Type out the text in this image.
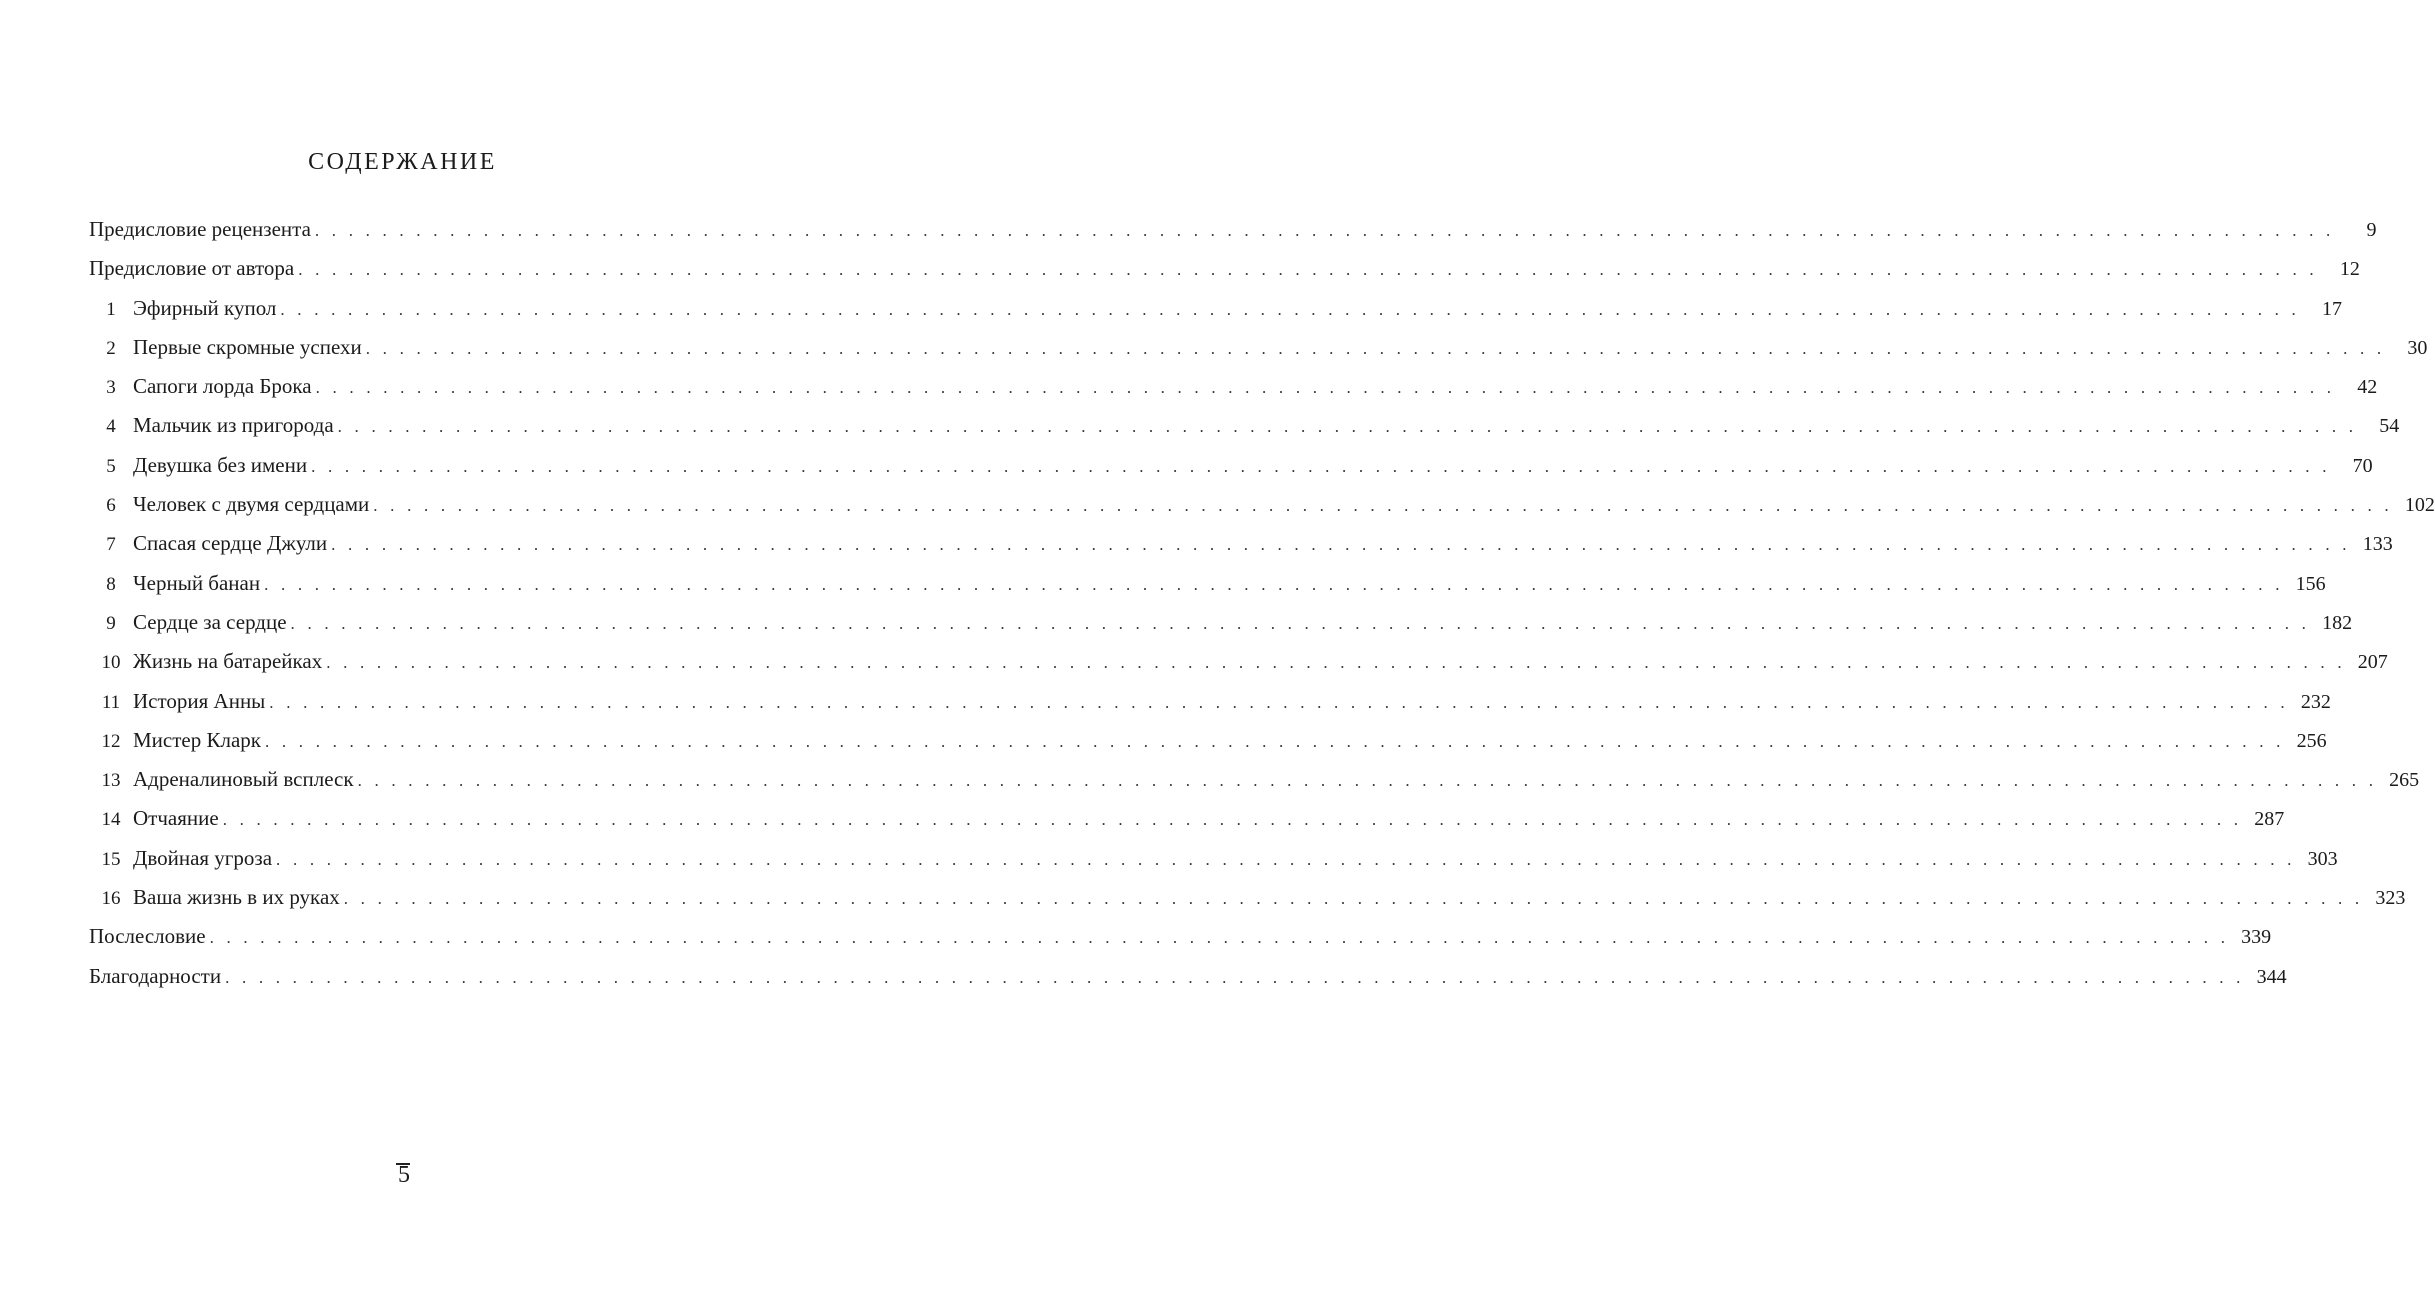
СОДЕРЖАНИЕ
Предисловие рецензента . . . . . . . . . . . . . . . . . . . . . . . . . . . . . . . . . . . . . . . . . . . . . . . . . . . . . . . . . . . . . . . . . . . . . . . . . . . . . . . . . . . . . . . . . . . . . . . . . . . . . . . . . . . . . . . . . . . . . . . .	9
Предисловие от автора . . . . . . . . . . . . . . . . . . . . . . . . . . . . . . . . . . . . . . . . . . . . . . . . . . . . . . . . . . . . . . . . . . . . . . . . . . . . . . . . . . . . . . . . . . . . . . . . . . . . . . . . . . . . . . . . . . . . . . . .	12
1 Эфирный купол . . . . . . . . . . . . . . . . . . . . . . . . . . . . . . . . . . . . . . . . . . . . . . . . . . . . . . . . . . . . . . . . . . . . . . . . . . . . . . . . . . . . . . . . . . . . . . . . . . . . . . . . . . . . . . . . . . . . . . . .	17
2 Первые скромные успехи . . . . . . . . . . . . . . . . . . . . . . . . . . . . . . . . . . . . . . . . . . . . . . . . . . . . . . . . . . . . . . . . . . . . . . . . . . . . . . . . . . . . . . . . . . . . . . . . . . . . . . . . . . . . . . . . . . . . . . . .	30
3 Сапоги лорда Брока . . . . . . . . . . . . . . . . . . . . . . . . . . . . . . . . . . . . . . . . . . . . . . . . . . . . . . . . . . . . . . . . . . . . . . . . . . . . . . . . . . . . . . . . . . . . . . . . . . . . . . . . . . . . . . . . . . . . . . . .	42
4 Мальчик из пригорода . . . . . . . . . . . . . . . . . . . . . . . . . . . . . . . . . . . . . . . . . . . . . . . . . . . . . . . . . . . . . . . . . . . . . . . . . . . . . . . . . . . . . . . . . . . . . . . . . . . . . . . . . . . . . . . . . . . . . . . .	54
5 Девушка без имени . . . . . . . . . . . . . . . . . . . . . . . . . . . . . . . . . . . . . . . . . . . . . . . . . . . . . . . . . . . . . . . . . . . . . . . . . . . . . . . . . . . . . . . . . . . . . . . . . . . . . . . . . . . . . . . . . . . . . . . .	70
6 Человек с двумя сердцами . . . . . . . . . . . . . . . . . . . . . . . . . . . . . . . . . . . . . . . . . . . . . . . . . . . . . . . . . . . . . . . . . . . . . . . . . . . . . . . . . . . . . . . . . . . . . . . . . . . . . . . . . . . . . . . . . . . . . . . . 102
7 Спасая сердце Джули . . . . . . . . . . . . . . . . . . . . . . . . . . . . . . . . . . . . . . . . . . . . . . . . . . . . . . . . . . . . . . . . . . . . . . . . . . . . . . . . . . . . . . . . . . . . . . . . . . . . . . . . . . . . . . . . . . . . . . . . 133
8 Черный банан . . . . . . . . . . . . . . . . . . . . . . . . . . . . . . . . . . . . . . . . . . . . . . . . . . . . . . . . . . . . . . . . . . . . . . . . . . . . . . . . . . . . . . . . . . . . . . . . . . . . . . . . . . . . . . . . . . . . . . . . 156
9 Сердце за сердце . . . . . . . . . . . . . . . . . . . . . . . . . . . . . . . . . . . . . . . . . . . . . . . . . . . . . . . . . . . . . . . . . . . . . . . . . . . . . . . . . . . . . . . . . . . . . . . . . . . . . . . . . . . . . . . . . . . . . . . . 182
10 Жизнь на батарейках . . . . . . . . . . . . . . . . . . . . . . . . . . . . . . . . . . . . . . . . . . . . . . . . . . . . . . . . . . . . . . . . . . . . . . . . . . . . . . . . . . . . . . . . . . . . . . . . . . . . . . . . . . . . . . . . . . . . . . . . 207
11 История Анны . . . . . . . . . . . . . . . . . . . . . . . . . . . . . . . . . . . . . . . . . . . . . . . . . . . . . . . . . . . . . . . . . . . . . . . . . . . . . . . . . . . . . . . . . . . . . . . . . . . . . . . . . . . . . . . . . . . . . . . . 232
12 Мистер Кларк . . . . . . . . . . . . . . . . . . . . . . . . . . . . . . . . . . . . . . . . . . . . . . . . . . . . . . . . . . . . . . . . . . . . . . . . . . . . . . . . . . . . . . . . . . . . . . . . . . . . . . . . . . . . . . . . . . . . . . . . 256
13 Адреналиновый всплеск . . . . . . . . . . . . . . . . . . . . . . . . . . . . . . . . . . . . . . . . . . . . . . . . . . . . . . . . . . . . . . . . . . . . . . . . . . . . . . . . . . . . . . . . . . . . . . . . . . . . . . . . . . . . . . . . . . . . . . . . 265
14 Отчаяние . . . . . . . . . . . . . . . . . . . . . . . . . . . . . . . . . . . . . . . . . . . . . . . . . . . . . . . . . . . . . . . . . . . . . . . . . . . . . . . . . . . . . . . . . . . . . . . . . . . . . . . . . . . . . . . . . . . . . . . . 287
15 Двойная угроза . . . . . . . . . . . . . . . . . . . . . . . . . . . . . . . . . . . . . . . . . . . . . . . . . . . . . . . . . . . . . . . . . . . . . . . . . . . . . . . . . . . . . . . . . . . . . . . . . . . . . . . . . . . . . . . . . . . . . . . . 303
16 Ваша жизнь в их руках . . . . . . . . . . . . . . . . . . . . . . . . . . . . . . . . . . . . . . . . . . . . . . . . . . . . . . . . . . . . . . . . . . . . . . . . . . . . . . . . . . . . . . . . . . . . . . . . . . . . . . . . . . . . . . . . . . . . . . . . 323
Послесловие . . . . . . . . . . . . . . . . . . . . . . . . . . . . . . . . . . . . . . . . . . . . . . . . . . . . . . . . . . . . . . . . . . . . . . . . . . . . . . . . . . . . . . . . . . . . . . . . . . . . . . . . . . . . . . . . . . . . . . . . 339
Благодарности . . . . . . . . . . . . . . . . . . . . . . . . . . . . . . . . . . . . . . . . . . . . . . . . . . . . . . . . . . . . . . . . . . . . . . . . . . . . . . . . . . . . . . . . . . . . . . . . . . . . . . . . . . . . . . . . . . . . . . . . 344
5
